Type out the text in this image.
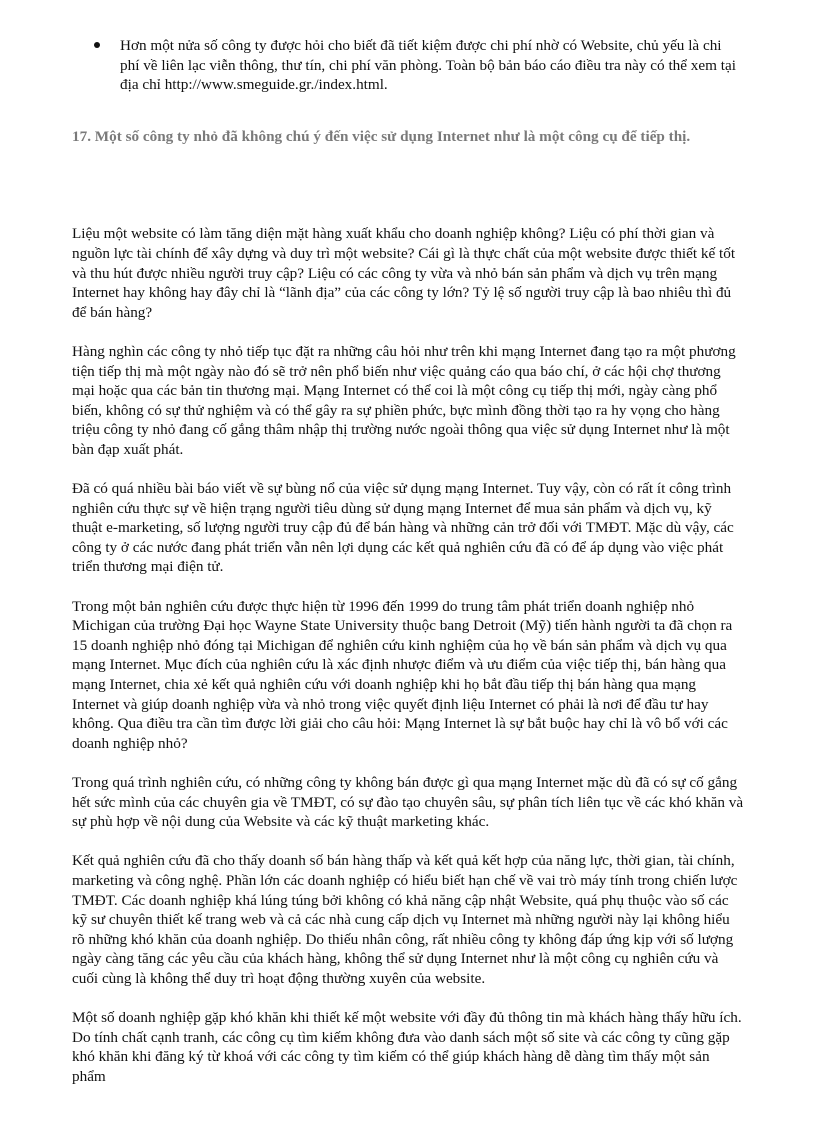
Hơn một nửa số công ty được hỏi cho biết đã tiết kiệm được chi phí nhờ có Website, chủ yếu là chi phí về liên lạc viễn thông, thư tín, chi phí văn phòng. Toàn bộ bản báo cáo điều tra này có thể xem tại địa chỉ http://www.smeguide.gr./index.html.

17. Một số công ty nhỏ đã không chú ý đến việc sử dụng Internet như là một công cụ để tiếp thị.

Liệu một website có làm tăng diện mặt hàng xuất khẩu cho doanh nghiệp không? Liệu có phí thời gian và nguồn lực tài chính để xây dựng và duy trì một website? Cái gì là thực chất của một website được thiết kế tốt và thu hút được nhiều người truy cập? Liệu có các công ty vừa và nhỏ bán sản phẩm và dịch vụ trên mạng Internet hay không hay đây chỉ là “lãnh địa” của các công ty lớn? Tỷ lệ số người truy cập là bao nhiêu thì đủ để bán hàng?

Hàng nghìn các công ty nhỏ tiếp tục đặt ra những câu hỏi như trên khi mạng Internet đang tạo ra một phương tiện tiếp thị mà một ngày nào đó sẽ trở nên phổ biến như việc quảng cáo qua báo chí, ở các hội chợ thương mại hoặc qua các bản tin thương mại. Mạng Internet có thể coi là một công cụ tiếp thị mới, ngày càng phổ biến, không có sự thử nghiệm và có thể gây ra sự phiền phức, bực mình đồng thời tạo ra hy vọng cho hàng triệu công ty nhỏ đang cố gắng thâm nhập thị trường nước ngoài thông qua việc sử dụng Internet như là một bàn đạp xuất phát.

Đã có quá nhiều bài báo viết về sự bùng nổ của việc sử dụng mạng Internet. Tuy vậy, còn có rất ít công trình nghiên cứu thực sự về hiện trạng người tiêu dùng sử dụng mạng Internet để mua sản phẩm và dịch vụ, kỹ thuật e-marketing, số lượng người truy cập đủ để bán hàng và những cản trở đối với TMĐT. Mặc dù vậy, các công ty ở các nước đang phát triển vẫn nên lợi dụng các kết quả nghiên cứu đã có để áp dụng vào việc phát triển thương mại điện tử.

Trong một bản nghiên cứu được thực hiện từ 1996 đến 1999 do trung tâm phát triển doanh nghiệp nhỏ Michigan của trường Đại học Wayne State University thuộc bang Detroit (Mỹ) tiến hành người ta đã chọn ra 15 doanh nghiệp nhỏ đóng tại Michigan để nghiên cứu kinh nghiệm của họ về bán sản phẩm và dịch vụ qua mạng Internet. Mục đích của nghiên cứu là xác định nhược điểm và ưu điểm của việc tiếp thị, bán hàng qua mạng Internet, chia xẻ kết quả nghiên cứu với doanh nghiệp khi họ bắt đầu tiếp thị bán hàng qua mạng Internet và giúp doanh nghiệp vừa và nhỏ trong việc quyết định liệu Internet có phải là nơi để đầu tư hay không. Qua điều tra cần tìm được lời giải cho câu hỏi: Mạng Internet là sự bắt buộc hay chỉ là vô bổ với các doanh nghiệp nhỏ?

Trong quá trình nghiên cứu, có những công ty không bán được gì qua mạng Internet mặc dù đã có sự cố gắng hết sức mình của các chuyên gia về TMĐT, có sự đào tạo chuyên sâu, sự phân tích liên tục về các khó khăn và sự phù hợp về nội dung của Website và các kỹ thuật marketing khác.

Kết quả nghiên cứu đã cho thấy doanh số bán hàng thấp và kết quả kết hợp của năng lực, thời gian, tài chính, marketing và công nghệ. Phần lớn các doanh nghiệp có hiểu biết hạn chế về vai trò máy tính trong chiến lược TMĐT. Các doanh nghiệp khá lúng túng bởi không có khả năng cập nhật Website, quá phụ thuộc vào số các kỹ sư chuyên thiết kế trang web và cả các nhà cung cấp dịch vụ Internet mà những người này lại không hiểu rõ những khó khăn của doanh nghiệp. Do thiếu nhân công, rất nhiều công ty không đáp ứng kịp với số lượng ngày càng tăng các yêu cầu của khách hàng, không thể sử dụng Internet như là một công cụ nghiên cứu và cuối cùng là không thể duy trì hoạt động thường xuyên của website.

Một số doanh nghiệp gặp khó khăn khi thiết kế một website với đầy đủ thông tin mà khách hàng thấy hữu ích. Do tính chất cạnh tranh, các công cụ tìm kiếm không đưa vào danh sách một số site và các công ty cũng gặp khó khăn khi đăng ký từ khoá với các công ty tìm kiếm có thể giúp khách hàng dễ dàng tìm thấy một sản phẩm
